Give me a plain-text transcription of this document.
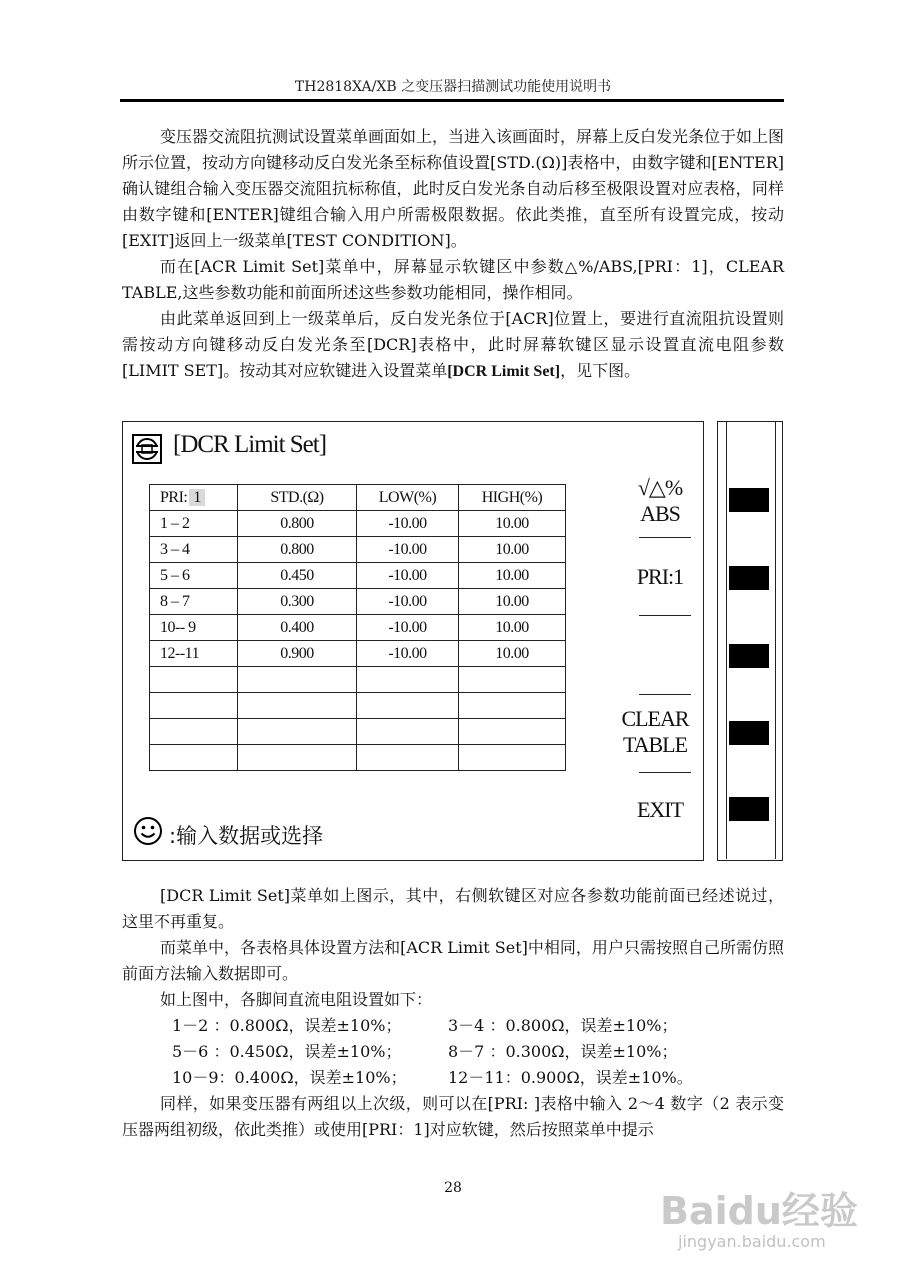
TH2818XA/XB 之变压器扫描测试功能使用说明书

变压器交流阻抗测试设置菜单画面如上，当进入该画面时，屏幕上反白发光条位于如上图所示位置，按动方向键移动反白发光条至标称值设置[STD.(Ω)]表格中，由数字键和[ENTER]确认键组合输入变压器交流阻抗标称值，此时反白发光条自动后移至极限设置对应表格，同样由数字键和[ENTER]键组合输入用户所需极限数据。依此类推，直至所有设置完成，按动[EXIT]返回上一级菜单[TEST CONDITION]。

而在[ACR Limit Set]菜单中，屏幕显示软键区中参数△%/ABS,[PRI：1]，CLEAR TABLE,这些参数功能和前面所述这些参数功能相同，操作相同。

由此菜单返回到上一级菜单后，反白发光条位于[ACR]位置上，要进行直流阻抗设置则需按动方向键移动反白发光条至[DCR]表格中，此时屏幕软键区显示设置直流电阻参数[LIMIT SET]。按动其对应软键进入设置菜单[DCR Limit Set]，见下图。

[DCR Limit Set]
PRI: 1	STD.(Ω)	LOW(%)	HIGH(%)
1 – 2	0.800	-10.00	10.00
3 – 4	0.800	-10.00	10.00
5 – 6	0.450	-10.00	10.00
8 – 7	0.300	-10.00	10.00
10-- 9	0.400	-10.00	10.00
12--11	0.900	-10.00	10.00

√△%
ABS
PRI:1
CLEAR
TABLE
EXIT
:输入数据或选择

[DCR Limit Set]菜单如上图示，其中，右侧软键区对应各参数功能前面已经述说过，这里不再重复。

而菜单中，各表格具体设置方法和[ACR Limit Set]中相同，用户只需按照自己所需仿照前面方法输入数据即可。

如上图中，各脚间直流电阻设置如下：

1－2 ：0.800Ω，误差±10%；	3－4 ：0.800Ω，误差±10%；
5－6 ：0.450Ω，误差±10%；	8－7 ：0.300Ω，误差±10%；
10－9：0.400Ω，误差±10%；	12－11：0.900Ω，误差±10%。

同样，如果变压器有两组以上次级，则可以在[PRI: ]表格中输入 2～4 数字（2 表示变压器两组初级，依此类推）或使用[PRI：1]对应软键，然后按照菜单中提示

28
Baidu经验
jingyan.baidu.com
